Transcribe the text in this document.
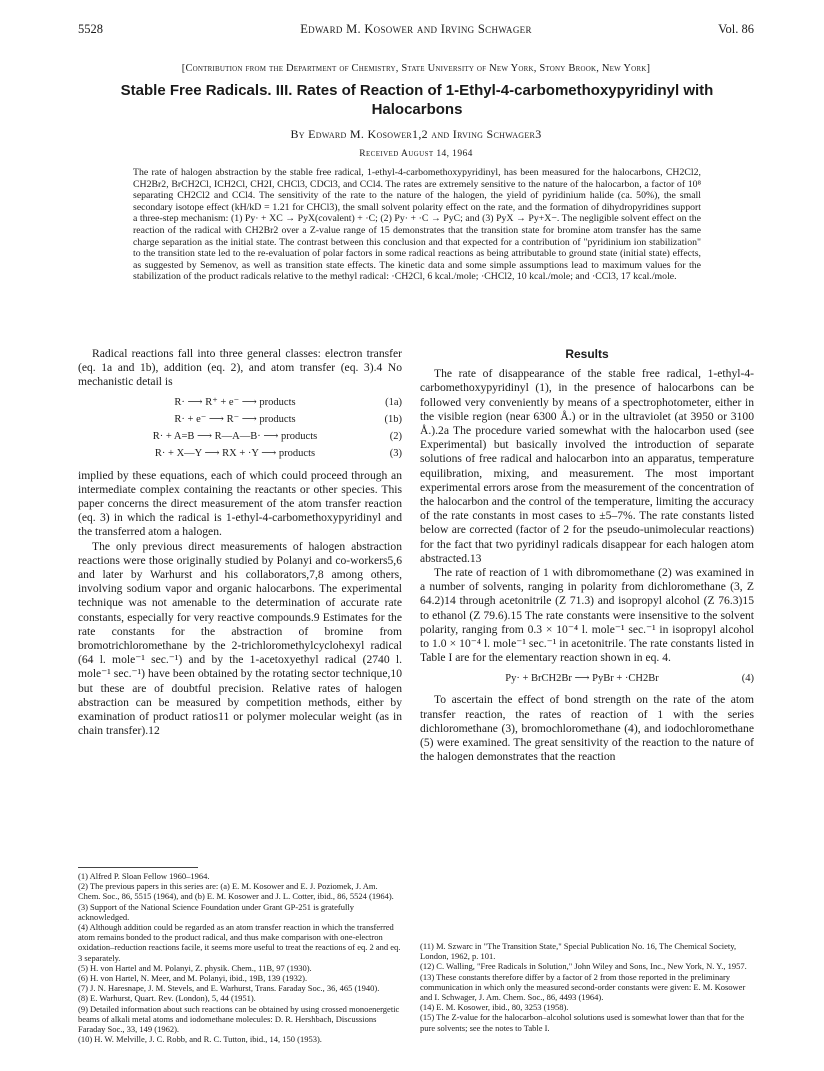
5528	Edward M. Kosower and Irving Schwager	Vol. 86
[Contribution from the Department of Chemistry, State University of New York, Stony Brook, New York]
Stable Free Radicals. III. Rates of Reaction of 1-Ethyl-4-carbomethoxypyridinyl with Halocarbons
By Edward M. Kosower1,2 and Irving Schwager3
Received August 14, 1964

The rate of halogen abstraction by the stable free radical, 1-ethyl-4-carbomethoxypyridinyl, has been measured for the halocarbons, CH2Cl2, CH2Br2, BrCH2Cl, ICH2Cl, CH2I, CHCl3, CDCl3, and CCl4. The rates are extremely sensitive to the nature of the halocarbon, a factor of 10⁸ separating CH2Cl2 and CCl4. The sensitivity of the rate to the nature of the halogen, the yield of pyridinium halide (ca. 50%), the small secondary isotope effect (kH/kD = 1.21 for CHCl3), the small solvent polarity effect on the rate, and the formation of dihydropyridines support a three-step mechanism: (1) Py· + XC → PyX(covalent) + ·C; (2) Py· + ·C → PyC; and (3) PyX → Py+X−. The negligible solvent effect on the reaction of the radical with CH2Br2 over a Z-value range of 15 demonstrates that the transition state for bromine atom transfer has the same charge separation as the initial state. The contrast between this conclusion and that expected for a contribution of "pyridinium ion stabilization" to the transition state led to the re-evaluation of polar factors in some radical reactions as being attributable to ground state (initial state) effects, as suggested by Semenov, as well as transition state effects. The kinetic data and some simple assumptions lead to maximum values for the stabilization of the product radicals relative to the methyl radical: ·CH2Cl, 6 kcal./mole; ·CHCl2, 10 kcal./mole; and ·CCl3, 17 kcal./mole.

Radical reactions fall into three general classes: electron transfer (eq. 1a and 1b), addition (eq. 2), and atom transfer (eq. 3).4 No mechanistic detail is

R· ⟶ R⁺ + e⁻ ⟶ products	(1a)
R· + e⁻ ⟶ R⁻ ⟶ products	(1b)
R· + A=B ⟶ R—A—B· ⟶ products	(2)
R· + X—Y ⟶ RX + ·Y ⟶ products	(3)

implied by these equations, each of which could proceed through an intermediate complex containing the reactants or other species. This paper concerns the direct measurement of the atom transfer reaction (eq. 3) in which the radical is 1-ethyl-4-carbomethoxypyridinyl and the transferred atom a halogen.

The only previous direct measurements of halogen abstraction reactions were those originally studied by Polanyi and co-workers5,6 and later by Warhurst and his collaborators,7,8 among others, involving sodium vapor and organic halocarbons. The experimental technique was not amenable to the determination of accurate rate constants, especially for very reactive compounds.9 Estimates for the rate constants for the abstraction of bromine from bromotrichloromethane by the 2-trichloromethylcyclohexyl radical (64 l. mole⁻¹ sec.⁻¹) and by the 1-acetoxyethyl radical (2740 l. mole⁻¹ sec.⁻¹) have been obtained by the rotating sector technique,10 but these are of doubtful precision. Relative rates of halogen abstraction can be measured by competition methods, either by examination of product ratios11 or polymer molecular weight (as in chain transfer).12

Results

The rate of disappearance of the stable free radical, 1-ethyl-4-carbomethoxypyridinyl (1), in the presence of halocarbons can be followed very conveniently by means of a spectrophotometer, either in the visible region (near 6300 Å.) or in the ultraviolet (at 3950 or 3100 Å.).2a The procedure varied somewhat with the halocarbon used (see Experimental) but basically involved the introduction of separate solutions of free radical and halocarbon into an apparatus, temperature equilibration, mixing, and measurement. The most important experimental errors arose from the measurement of the concentration of the halocarbon and the control of the temperature, limiting the accuracy of the rate constants in most cases to ±5–7%. The rate constants listed below are corrected (factor of 2 for the pseudo-unimolecular reactions) for the fact that two pyridinyl radicals disappear for each halogen atom abstracted.13

The rate of reaction of 1 with dibromomethane (2) was examined in a number of solvents, ranging in polarity from dichloromethane (3, Z 64.2)14 through acetonitrile (Z 71.3) and isopropyl alcohol (Z 76.3)15 to ethanol (Z 79.6).15 The rate constants were insensitive to the solvent polarity, ranging from 0.3 × 10⁻⁴ l. mole⁻¹ sec.⁻¹ in isopropyl alcohol to 1.0 × 10⁻⁴ l. mole⁻¹ sec.⁻¹ in acetonitrile. The rate constants listed in Table I are for the elementary reaction shown in eq. 4.

Py· + BrCH2Br ⟶ PyBr + ·CH2Br	(4)

To ascertain the effect of bond strength on the rate of the atom transfer reaction, the rates of reaction of 1 with the series dichloromethane (3), bromochloromethane (4), and iodochloromethane (5) were examined. The great sensitivity of the reaction to the nature of the halogen demonstrates that the reaction

(1) Alfred P. Sloan Fellow 1960–1964.
(2) The previous papers in this series are: (a) E. M. Kosower and E. J. Poziomek, J. Am. Chem. Soc., 86, 5515 (1964), and (b) E. M. Kosower and J. L. Cotter, ibid., 86, 5524 (1964).
(3) Support of the National Science Foundation under Grant GP-251 is gratefully acknowledged.
(4) Although addition could be regarded as an atom transfer reaction in which the transferred atom remains bonded to the product radical, and thus make comparison with one-electron oxidation–reduction reactions facile, it seems more useful to treat the reactions of eq. 2 and eq. 3 separately.
(5) H. von Hartel and M. Polanyi, Z. physik. Chem., 11B, 97 (1930).
(6) H. von Hartel, N. Meer, and M. Polanyi, ibid., 19B, 139 (1932).
(7) J. N. Haresnape, J. M. Stevels, and E. Warhurst, Trans. Faraday Soc., 36, 465 (1940).
(8) E. Warhurst, Quart. Rev. (London), 5, 44 (1951).
(9) Detailed information about such reactions can be obtained by using crossed monoenergetic beams of alkali metal atoms and iodomethane molecules: D. R. Hershbach, Discussions Faraday Soc., 33, 149 (1962).
(10) H. W. Melville, J. C. Robb, and R. C. Tutton, ibid., 14, 150 (1953).
(11) M. Szwarc in "The Transition State," Special Publication No. 16, The Chemical Society, London, 1962, p. 101.
(12) C. Walling, "Free Radicals in Solution," John Wiley and Sons, Inc., New York, N. Y., 1957.
(13) These constants therefore differ by a factor of 2 from those reported in the preliminary communication in which only the measured second-order constants were given: E. M. Kosower and I. Schwager, J. Am. Chem. Soc., 86, 4493 (1964).
(14) E. M. Kosower, ibid., 80, 3253 (1958).
(15) The Z-value for the halocarbon–alcohol solutions used is somewhat lower than that for the pure solvents; see the notes to Table I.
